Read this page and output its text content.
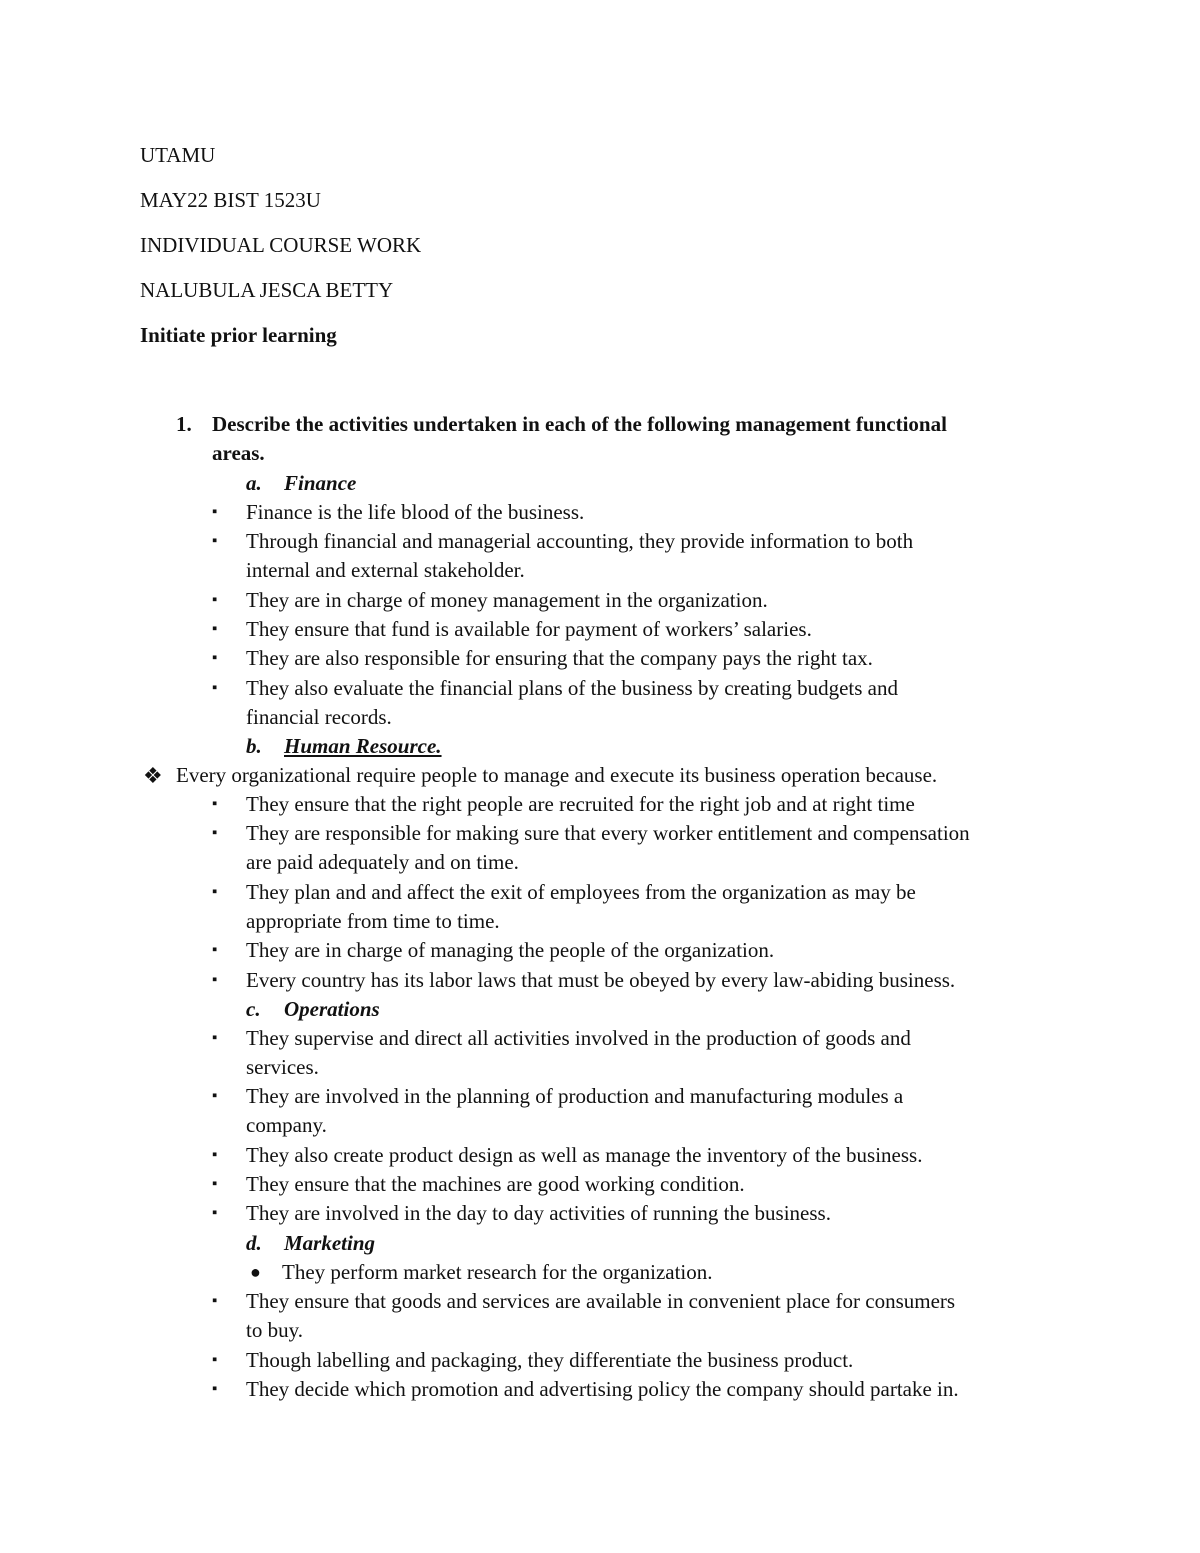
UTAMU
MAY22 BIST 1523U
INDIVIDUAL COURSE WORK
NALUBULA JESCA BETTY
Initiate prior learning
1. Describe the activities undertaken in each of the following management functional
areas.
a. Finance
▪ Finance is the life blood of the business.
▪ Through financial and managerial accounting, they provide information to both
internal and external stakeholder.
▪ They are in charge of money management in the organization.
▪ They ensure that fund is available for payment of workers’ salaries.
▪ They are also responsible for ensuring that the company pays the right tax.
▪ They also evaluate the financial plans of the business by creating budgets and
financial records.
b. Human Resource.
❖ Every organizational require people to manage and execute its business operation because.
▪ They ensure that the right people are recruited for the right job and at right time
▪ They are responsible for making sure that every worker entitlement and compensation
are paid adequately and on time.
▪ They plan and and affect the exit of employees from the organization as may be
appropriate from time to time.
▪ They are in charge of managing the people of the organization.
▪ Every country has its labor laws that must be obeyed by every law-abiding business.
c. Operations
▪ They supervise and direct all activities involved in the production of goods and
services.
▪ They are involved in the planning of production and manufacturing modules a
company.
▪ They also create product design as well as manage the inventory of the business.
▪ They ensure that the machines are good working condition.
▪ They are involved in the day to day activities of running the business.
d. Marketing
● They perform market research for the organization.
▪ They ensure that goods and services are available in convenient place for consumers
to buy.
▪ Though labelling and packaging, they differentiate the business product.
▪ They decide which promotion and advertising policy the company should partake in.
